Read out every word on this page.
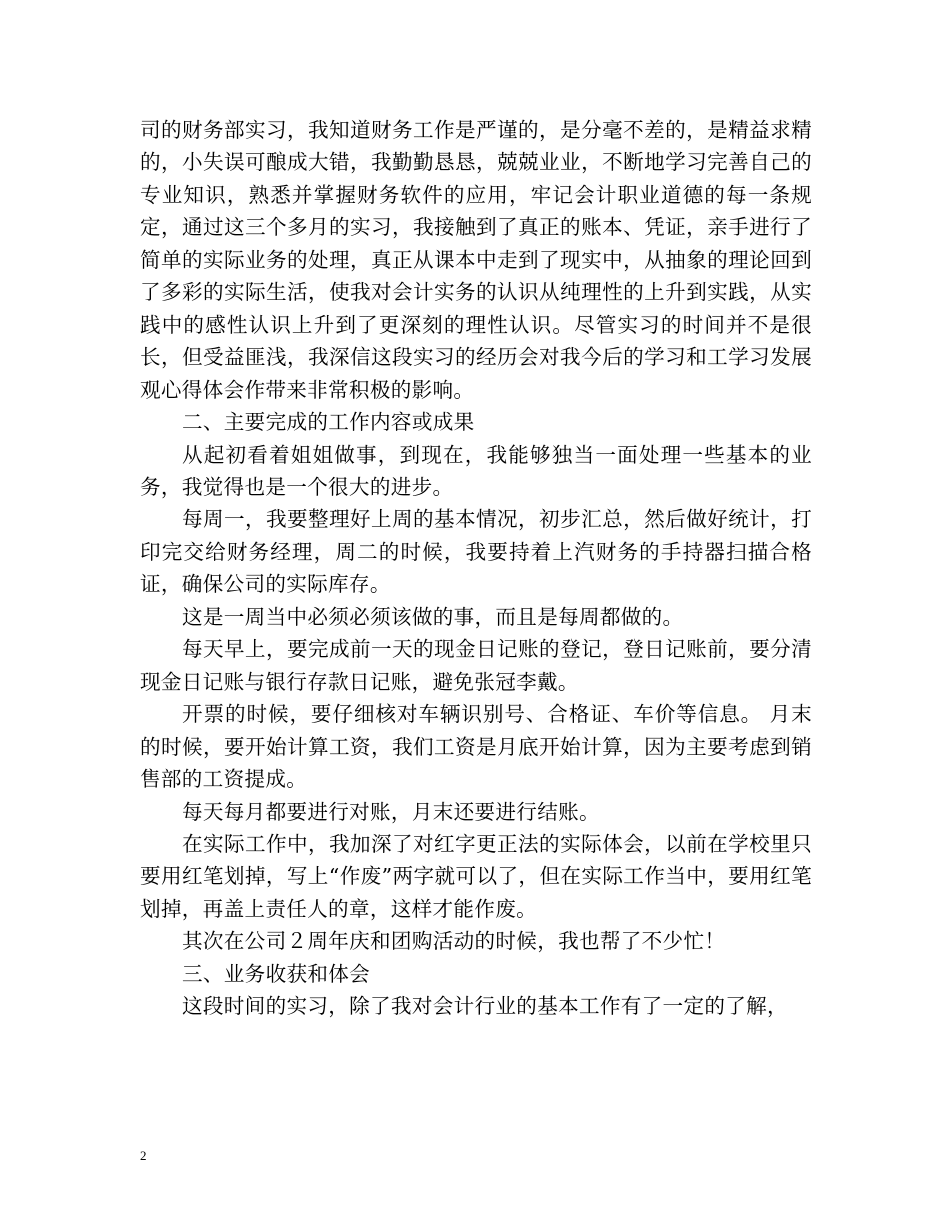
司的财务部实习，我知道财务工作是严谨的，是分毫不差的，是精益求精的，小失误可酿成大错，我勤勤恳恳，兢兢业业，不断地学习完善自己的专业知识，熟悉并掌握财务软件的应用，牢记会计职业道德的每一条规定，通过这三个多月的实习，我接触到了真正的账本、凭证，亲手进行了简单的实际业务的处理，真正从课本中走到了现实中，从抽象的理论回到了多彩的实际生活，使我对会计实务的认识从纯理性的上升到实践，从实践中的感性认识上升到了更深刻的理性认识。尽管实习的时间并不是很长，但受益匪浅，我深信这段实习的经历会对我今后的学习和工学习发展观心得体会作带来非常积极的影响。

二、主要完成的工作内容或成果

从起初看着姐姐做事，到现在，我能够独当一面处理一些基本的业务，我觉得也是一个很大的进步。

每周一，我要整理好上周的基本情况，初步汇总，然后做好统计，打印完交给财务经理，周二的时候，我要持着上汽财务的手持器扫描合格证，确保公司的实际库存。

这是一周当中必须必须该做的事，而且是每周都做的。

每天早上，要完成前一天的现金日记账的登记，登日记账前，要分清现金日记账与银行存款日记账，避免张冠李戴。

开票的时候，要仔细核对车辆识别号、合格证、车价等信息。 月末的时候，要开始计算工资，我们工资是月底开始计算，因为主要考虑到销售部的工资提成。

每天每月都要进行对账，月末还要进行结账。

在实际工作中，我加深了对红字更正法的实际体会，以前在学校里只要用红笔划掉，写上“作废”两字就可以了，但在实际工作当中，要用红笔划掉，再盖上责任人的章，这样才能作废。

其次在公司２周年庆和团购活动的时候，我也帮了不少忙！

三、业务收获和体会

这段时间的实习，除了我对会计行业的基本工作有了一定的了解，

2
